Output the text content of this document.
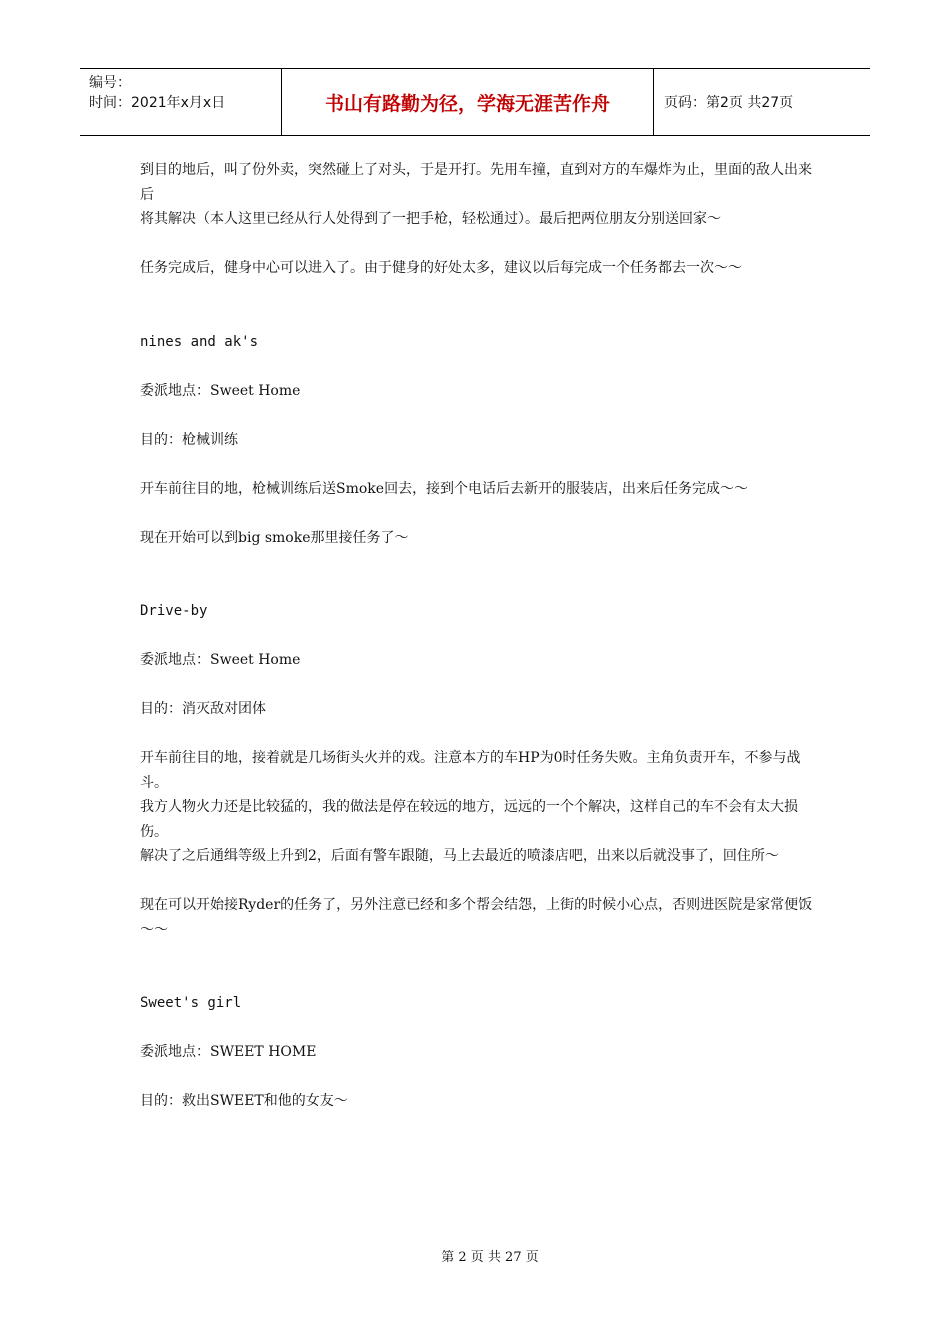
编号：
时间：2021年x月x日	书山有路勤为径，学海无涯苦作舟	页码：第2页 共27页

到目的地后，叫了份外卖，突然碰上了对头，于是开打。先用车撞，直到对方的车爆炸为止，里面的敌人出来后

将其解决（本人这里已经从行人处得到了一把手枪，轻松通过）。最后把两位朋友分别送回家～

任务完成后，健身中心可以进入了。由于健身的好处太多，建议以后每完成一个任务都去一次～～

nines and ak's

委派地点：Sweet Home

目的：枪械训练

开车前往目的地，枪械训练后送Smoke回去，接到个电话后去新开的服装店，出来后任务完成～～

现在开始可以到big smoke那里接任务了～

Drive-by

委派地点：Sweet Home

目的：消灭敌对团体

开车前往目的地，接着就是几场街头火并的戏。注意本方的车HP为0时任务失败。主角负责开车，不参与战斗。

我方人物火力还是比较猛的，我的做法是停在较远的地方，远远的一个个解决，这样自己的车不会有太大损伤。

解决了之后通缉等级上升到2，后面有警车跟随，马上去最近的喷漆店吧，出来以后就没事了，回住所～

现在可以开始接Ryder的任务了，另外注意已经和多个帮会结怨，上街的时候小心点，否则进医院是家常便饭～～

Sweet's girl

委派地点：SWEET HOME

目的：救出SWEET和他的女友～

第 2 页 共 27 页
